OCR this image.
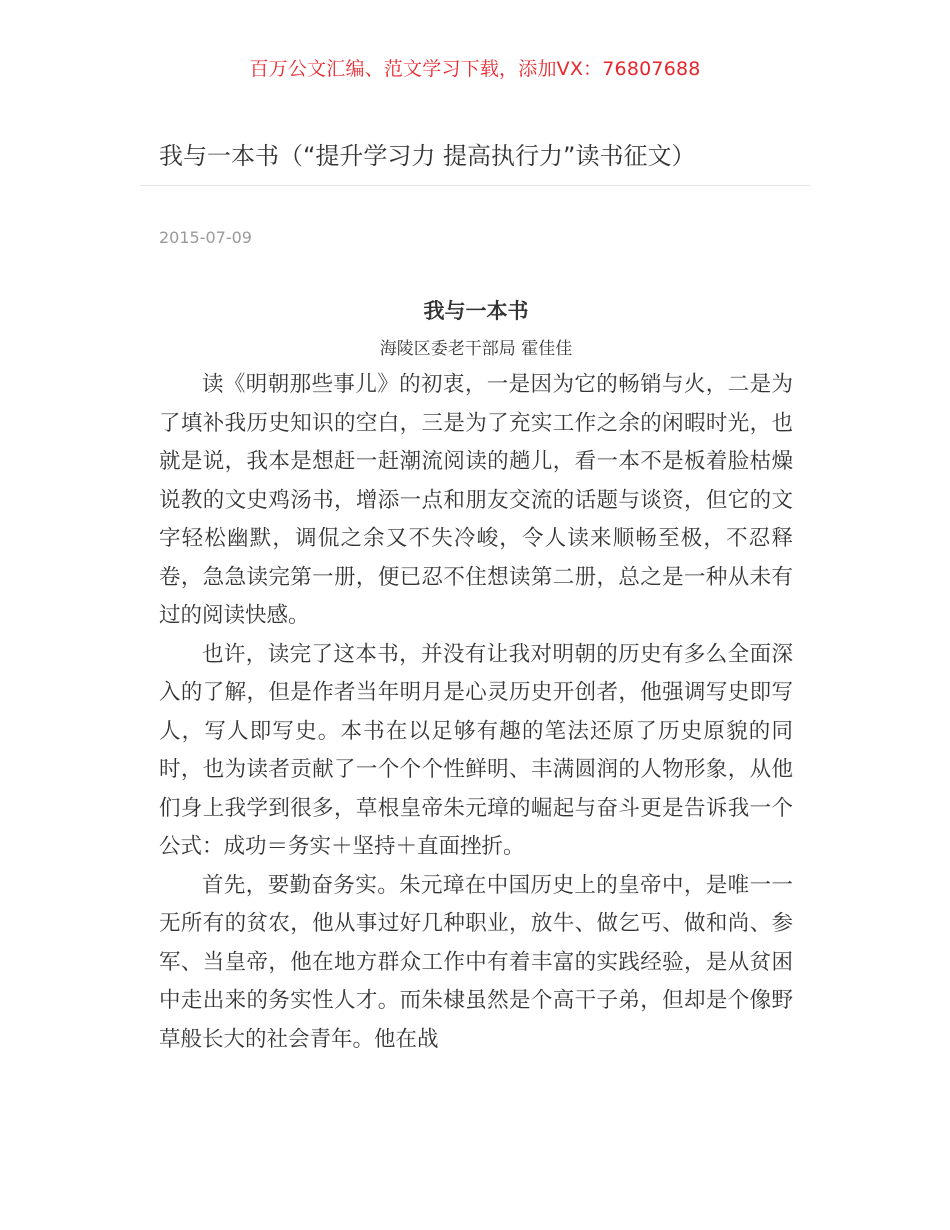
百万公文汇编、范文学习下载，添加VX：76807688
我与一本书（“提升学习力 提高执行力”读书征文）
2015-07-09
我与一本书
海陵区委老干部局 霍佳佳

读《明朝那些事儿》的初衷，一是因为它的畅销与火，二是为了填补我历史知识的空白，三是为了充实工作之余的闲暇时光，也就是说，我本是想赶一赶潮流阅读的趟儿，看一本不是板着脸枯燥说教的文史鸡汤书，增添一点和朋友交流的话题与谈资，但它的文字轻松幽默，调侃之余又不失冷峻，令人读来顺畅至极，不忍释卷，急急读完第一册，便已忍不住想读第二册，总之是一种从未有过的阅读快感。

也许，读完了这本书，并没有让我对明朝的历史有多么全面深入的了解，但是作者当年明月是心灵历史开创者，他强调写史即写人，写人即写史。本书在以足够有趣的笔法还原了历史原貌的同时，也为读者贡献了一个个个性鲜明、丰满圆润的人物形象，从他们身上我学到很多，草根皇帝朱元璋的崛起与奋斗更是告诉我一个公式：成功＝务实＋坚持＋直面挫折。

首先，要勤奋务实。朱元璋在中国历史上的皇帝中，是唯一一无所有的贫农，他从事过好几种职业，放牛、做乞丐、做和尚、参军、当皇帝，他在地方群众工作中有着丰富的实践经验，是从贫困中走出来的务实性人才。而朱棣虽然是个高干子弟，但却是个像野草般长大的社会青年。他在战
